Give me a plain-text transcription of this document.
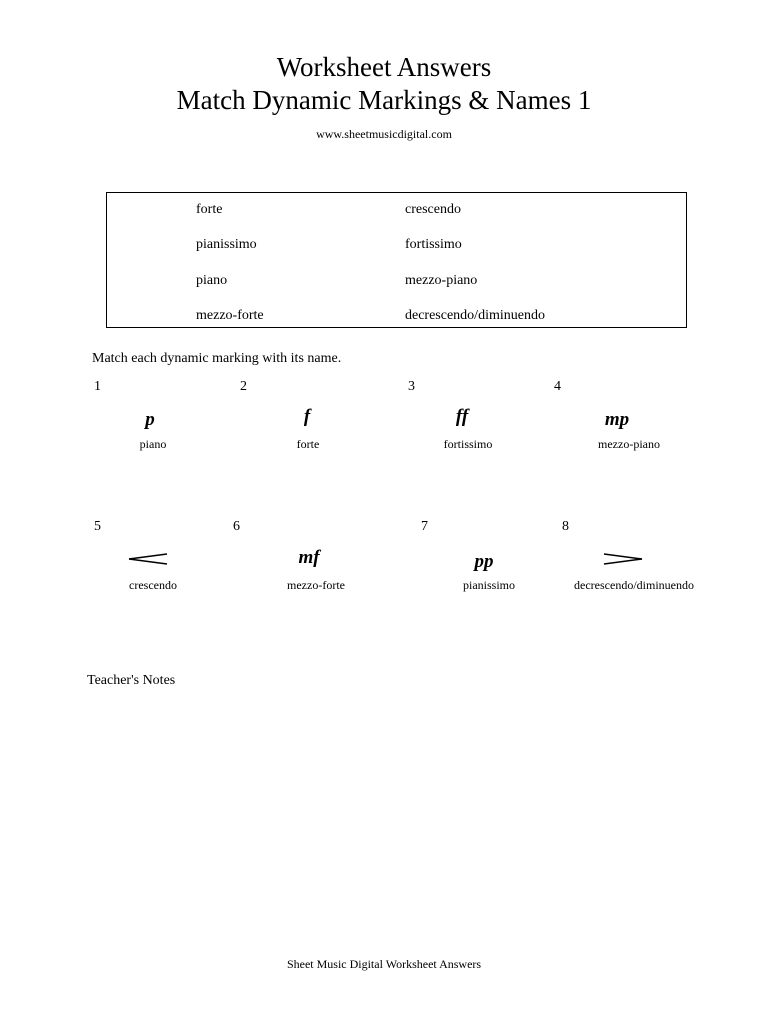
Worksheet Answers
Match Dynamic Markings & Names 1
www.sheetmusicdigital.com
forte	crescendo
pianissimo	fortissimo
piano	mezzo-piano
mezzo-forte	decrescendo/diminuendo
Match each dynamic marking with its name.
1
p
piano
2
f
forte
3
ff
fortissimo
4
mp
mezzo-piano
5
crescendo
6
mf
mezzo-forte
7
pp
pianissimo
8
decrescendo/diminuendo
Teacher's Notes
Sheet Music Digital Worksheet Answers
